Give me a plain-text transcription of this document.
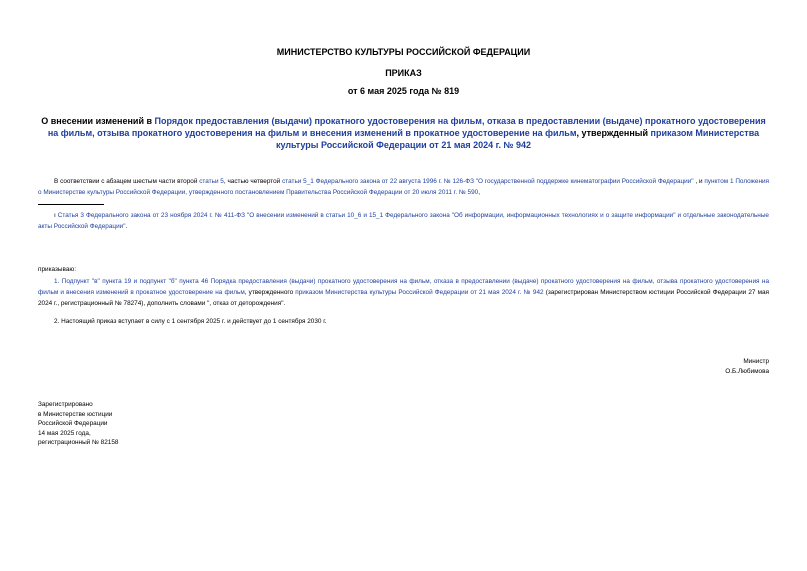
МИНИСТЕРСТВО КУЛЬТУРЫ РОССИЙСКОЙ ФЕДЕРАЦИИ
ПРИКАЗ
от 6 мая 2025 года № 819
О внесении изменений в Порядок предоставления (выдачи) прокатного удостоверения на фильм, отказа в предоставлении (выдаче) прокатного удостоверения на фильм, отзыва прокатного удостоверения на фильм и внесения изменений в прокатное удостоверение на фильм, утвержденный приказом Министерства культуры Российской Федерации от 21 мая 2024 г. № 942
В соответствии с абзацем шестым части второй статьи 5, частью четвертой статьи 5_1 Федерального закона от 22 августа 1996 г. № 126-ФЗ "О государственной поддержке кинематографии Российской Федерации" , и пунктом 1 Положения о Министерстве культуры Российской Федерации, утвержденного постановлением Правительства Российской Федерации от 20 июля 2011 г. № 590,
ı Статья 3 Федерального закона от 23 ноября 2024 г. № 411-ФЗ "О внесении изменений в статьи 10_6 и 15_1 Федерального закона "Об информации, информационных технологиях и о защите информации" и отдельные законодательные акты Российской Федерации".
приказываю:
1. Подпункт "в" пункта 19 и подпункт "б" пункта 46 Порядка предоставления (выдачи) прокатного удостоверения на фильм, отказа в предоставлении (выдаче) прокатного удостоверения на фильм, отзыва прокатного удостоверения на фильм и внесения изменений в прокатное удостоверение на фильм, утвержденного приказом Министерства культуры Российской Федерации от 21 мая 2024 г. № 942 (зарегистрирован Министерством юстиции Российской Федерации 27 мая 2024 г., регистрационный № 78274), дополнить словами ", отказ от деторождения".
2. Настоящий приказ вступает в силу с 1 сентября 2025 г. и действует до 1 сентября 2030 г.
Министр
О.Б.Любимова
Зарегистрировано
в Министерстве юстиции
Российской Федерации
14 мая 2025 года,
регистрационный № 82158
